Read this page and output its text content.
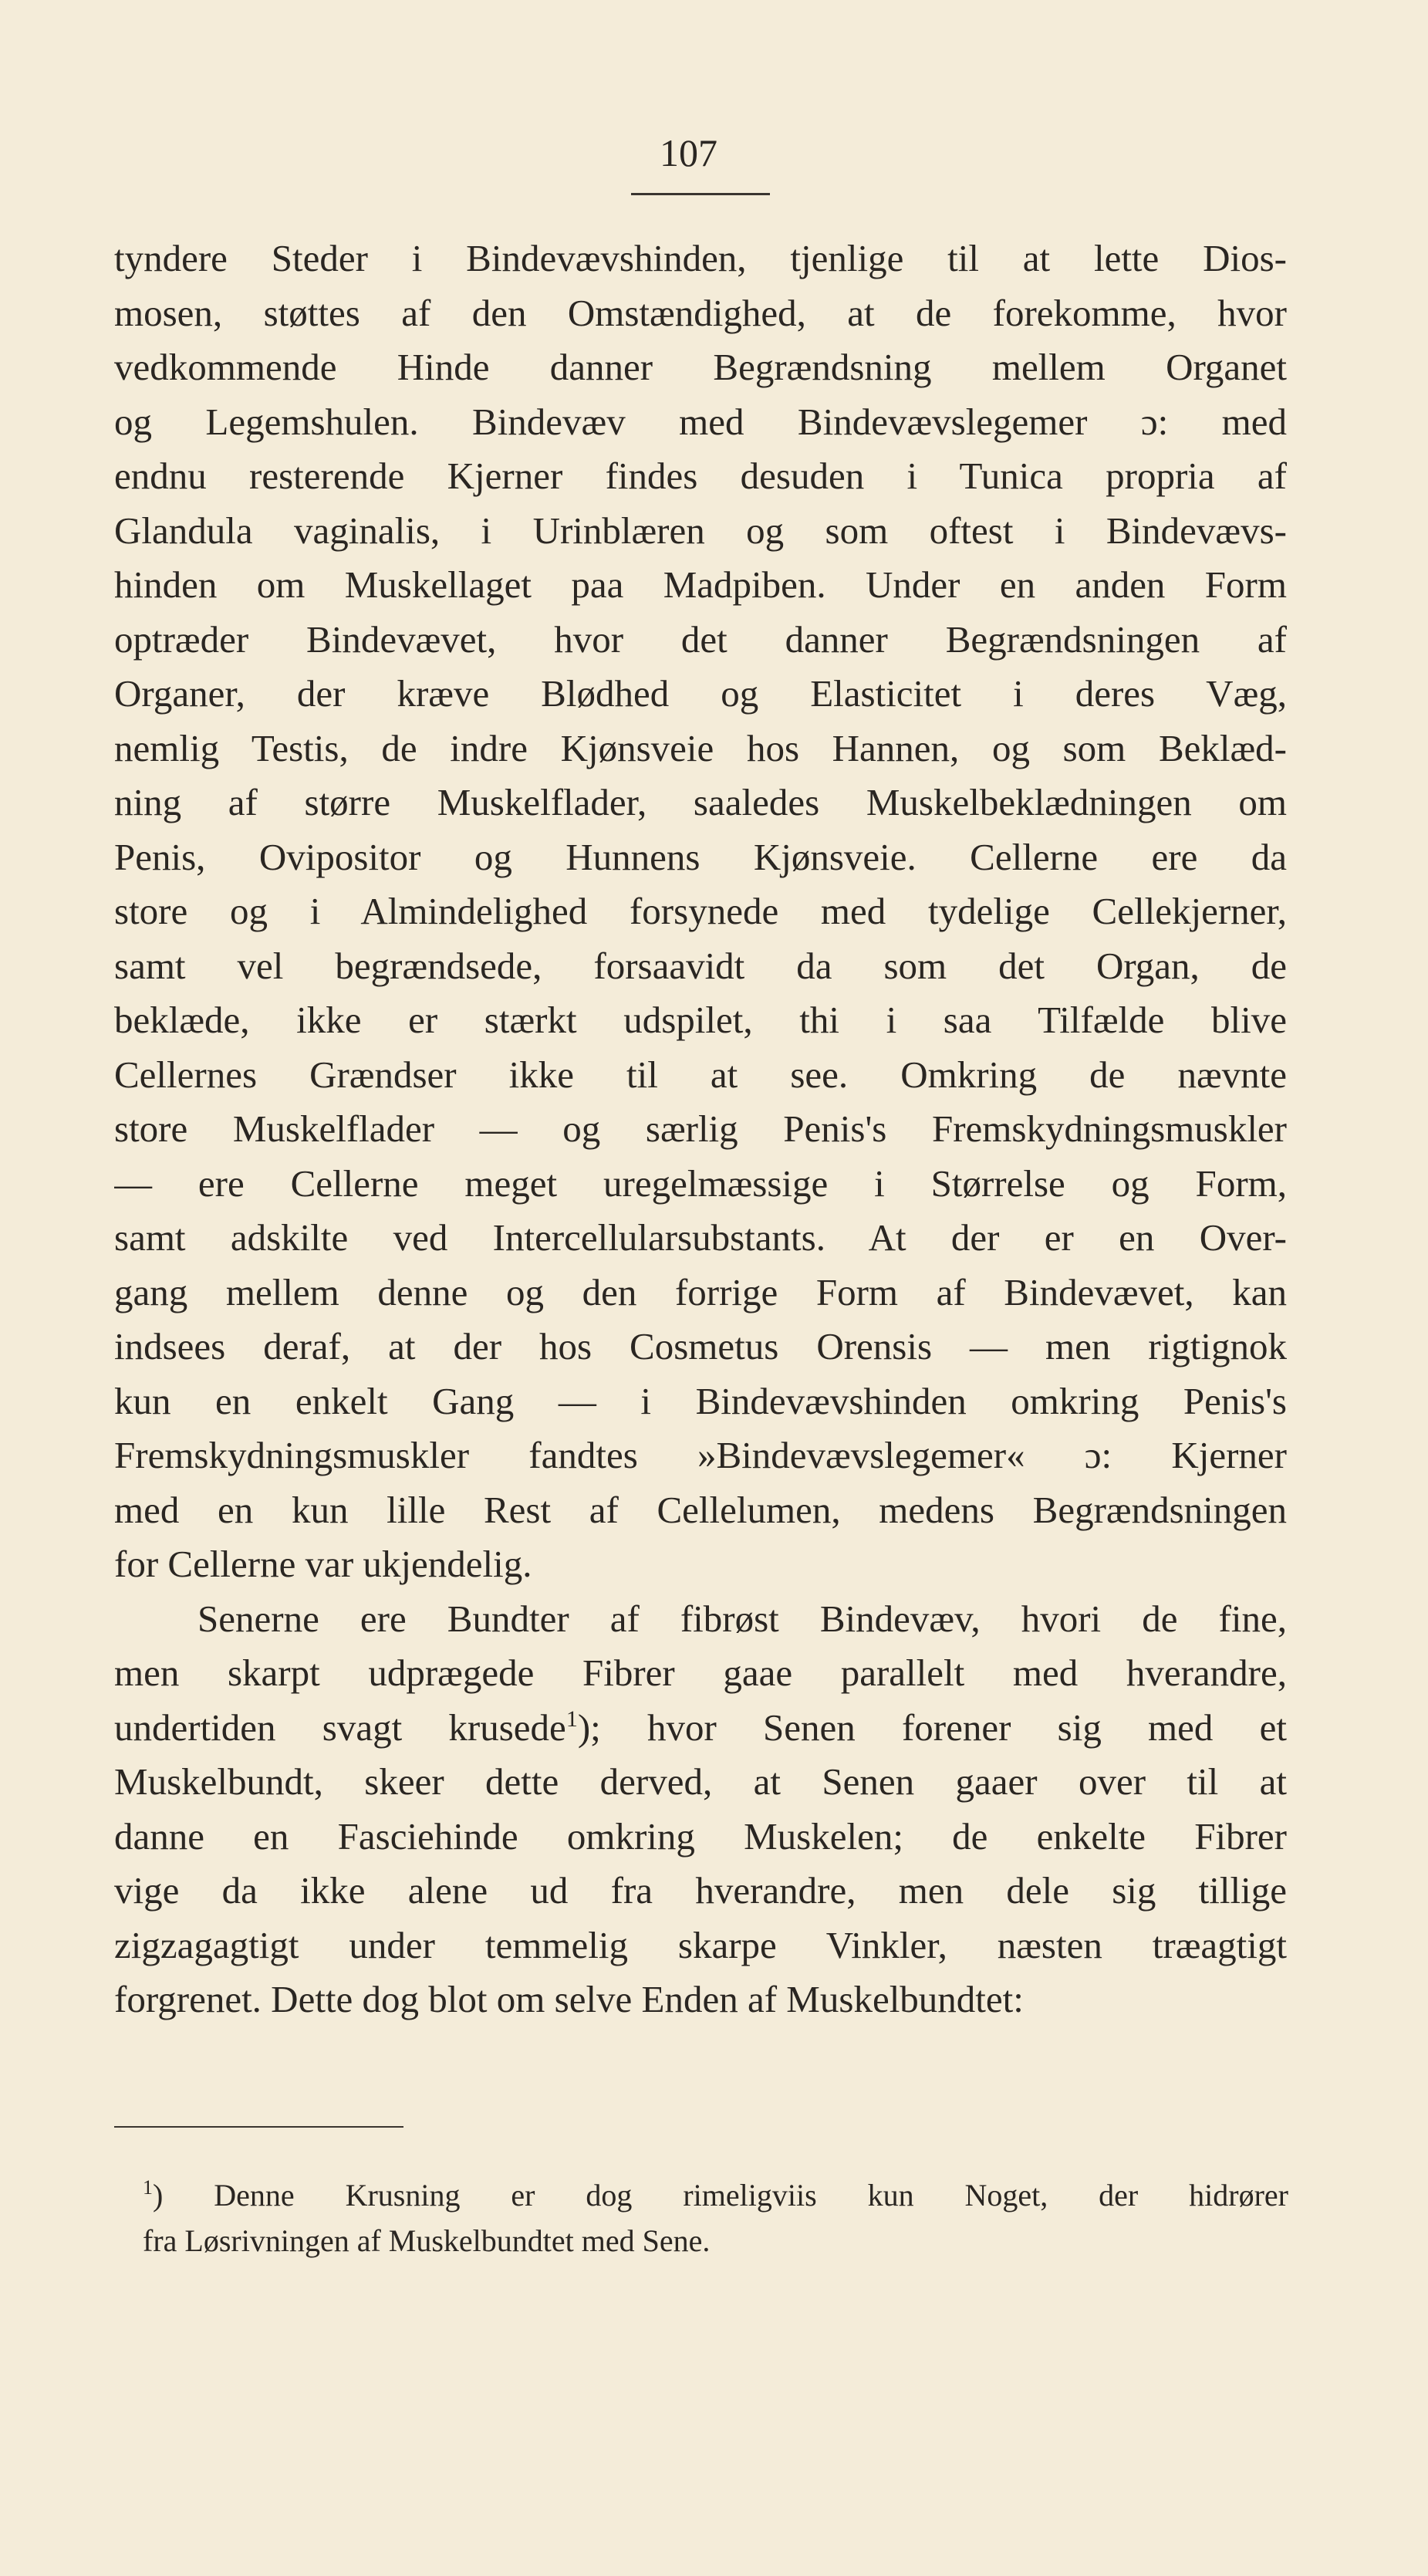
107
tyndere Steder i Bindevævshinden, tjenlige til at lette Dios-
mosen, støttes af den Omstændighed, at de forekomme, hvor
vedkommende Hinde danner Begrændsning mellem Organet
og Legemshulen. Bindevæv med Bindevævslegemer ɔ: med
endnu resterende Kjerner findes desuden i Tunica propria af
Glandula vaginalis, i Urinblæren og som oftest i Bindevævs-
hinden om Muskellaget paa Madpiben. Under en anden Form
optræder Bindevævet, hvor det danner Begrændsningen af
Organer, der kræve Blødhed og Elasticitet i deres Væg,
nemlig Testis, de indre Kjønsveie hos Hannen, og som Beklæd-
ning af større Muskelflader, saaledes Muskelbeklædningen om
Penis, Ovipositor og Hunnens Kjønsveie. Cellerne ere da
store og i Almindelighed forsynede med tydelige Cellekjerner,
samt vel begrændsede, forsaavidt da som det Organ, de
beklæde, ikke er stærkt udspilet, thi i saa Tilfælde blive
Cellernes Grændser ikke til at see. Omkring de nævnte
store Muskelflader — og særlig Penis's Fremskydningsmuskler
— ere Cellerne meget uregelmæssige i Størrelse og Form,
samt adskilte ved Intercellularsubstants. At der er en Over-
gang mellem denne og den forrige Form af Bindevævet, kan
indsees deraf, at der hos Cosmetus Orensis — men rigtignok
kun en enkelt Gang — i Bindevævshinden omkring Penis's
Fremskydningsmuskler fandtes »Bindevævslegemer« ɔ: Kjerner
med en kun lille Rest af Cellelumen, medens Begrændsningen
for Cellerne var ukjendelig.
Senerne ere Bundter af fibrøst Bindevæv, hvori de fine,
men skarpt udprægede Fibrer gaae parallelt med hverandre,
undertiden svagt krusede$^1$); hvor Senen forener sig med et
Muskelbundt, skeer dette derved, at Senen gaaer over til at
danne en Fasciehinde omkring Muskelen; de enkelte Fibrer
vige da ikke alene ud fra hverandre, men dele sig tillige
zigzagagtigt under temmelig skarpe Vinkler, næsten træagtigt
forgrenet. Dette dog blot om selve Enden af Muskelbundtet:
$^1$) Denne Krusning er dog rimeligviis kun Noget, der hidrører
fra Løsrivningen af Muskelbundtet med Sene.
